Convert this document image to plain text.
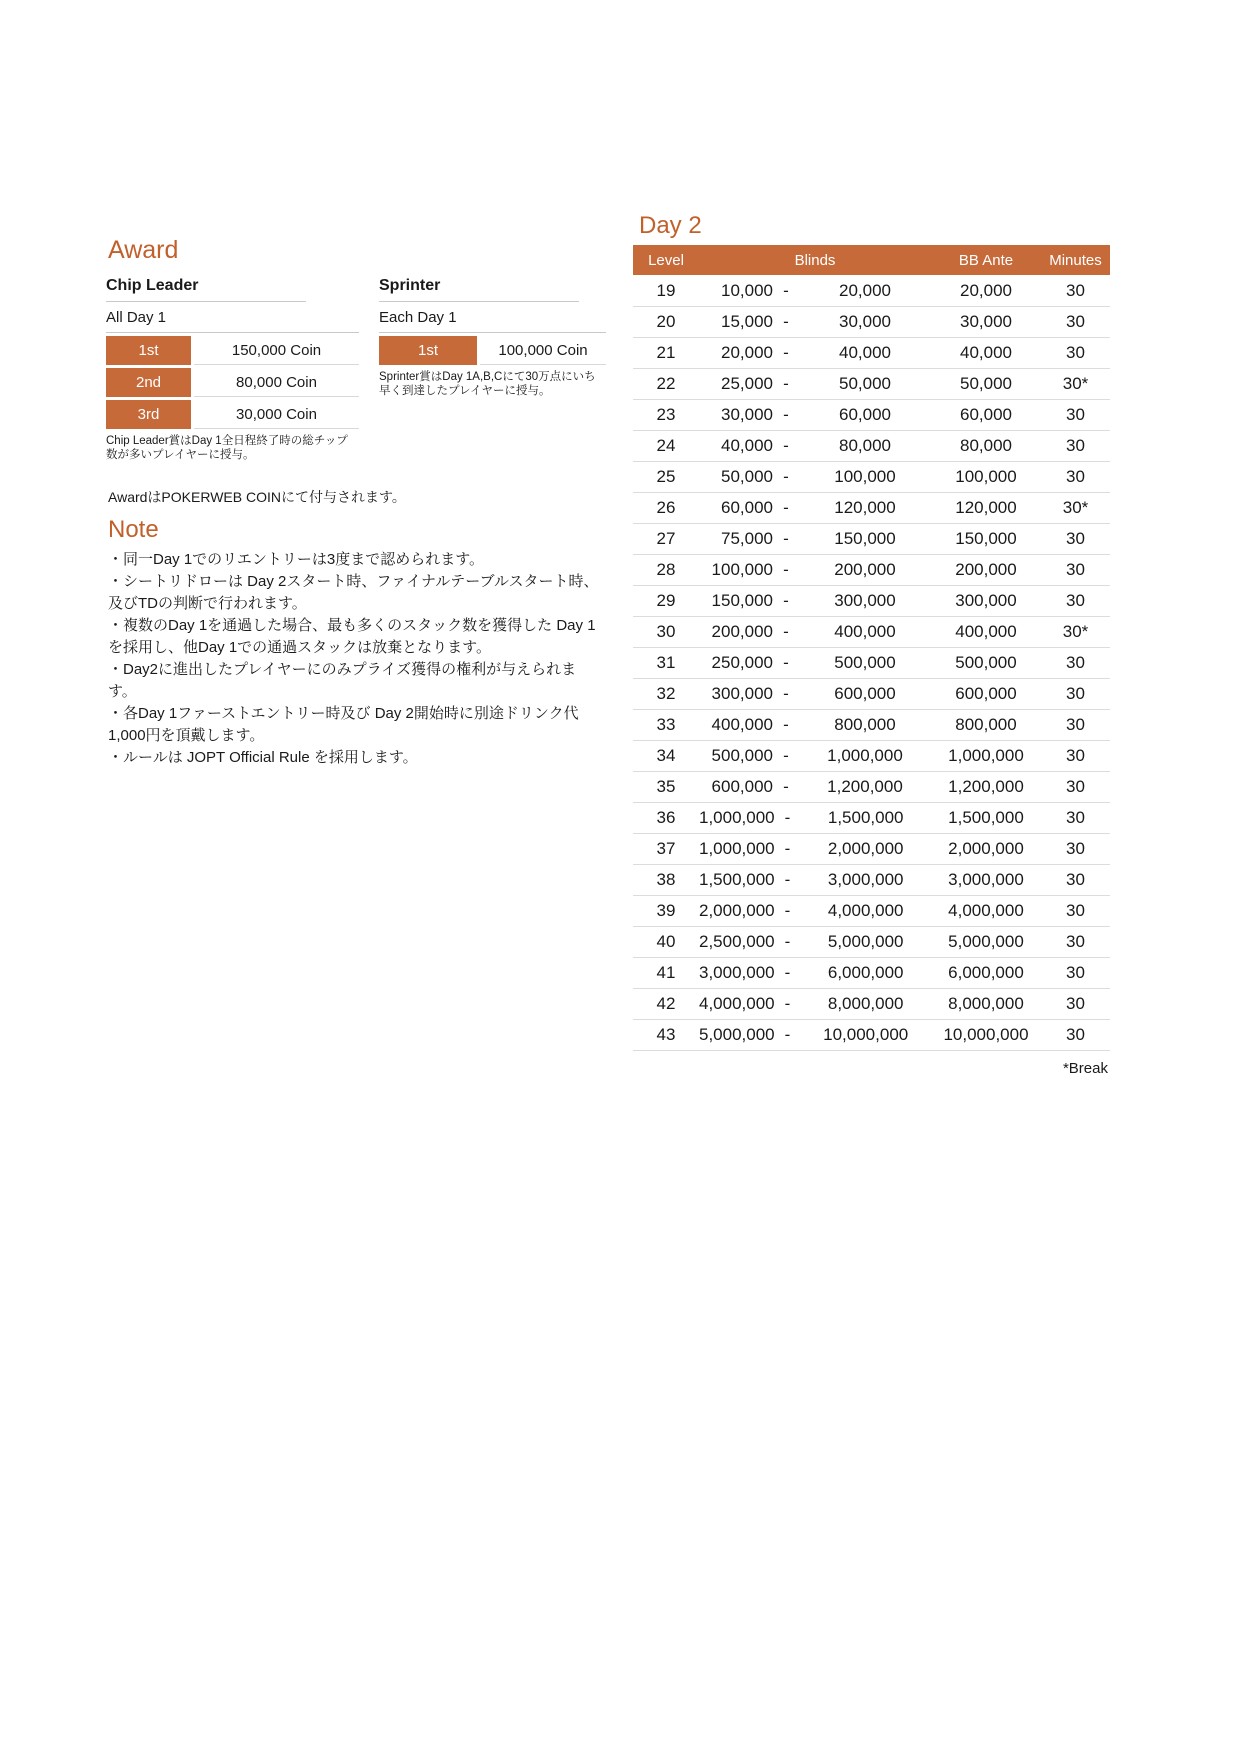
Award
Chip Leader
All Day 1
1st	150,000 Coin
2nd	80,000 Coin
3rd	30,000 Coin
Chip Leader賞はDay 1全日程終了時の総チップ数が多いプレイヤーに授与。
Sprinter
Each Day 1
1st	100,000 Coin
Sprinter賞はDay 1A,B,Cにて30万点にいち早く到達したプレイヤーに授与。
AwardはPOKERWEB COINにて付与されます。
Note
・同一Day 1でのリエントリーは3度まで認められます。
・シートリドローは Day 2スタート時、ファイナルテーブルスタート時、及びTDの判断で行われます。
・複数のDay 1を通過した場合、最も多くのスタック数を獲得した Day 1を採用し、他Day 1での通過スタックは放棄となります。
・Day2に進出したプレイヤーにのみプライズ獲得の権利が与えられます。
・各Day 1ファーストエントリー時及び Day 2開始時に別途ドリンク代 1,000円を頂戴します。
・ルールは JOPT Official Rule を採用します。
Day 2
Level	Blinds	BB Ante	Minutes
19	10,000 -	20,000	20,000	30
20	15,000 -	30,000	30,000	30
21	20,000 -	40,000	40,000	30
22	25,000 -	50,000	50,000	30*
23	30,000 -	60,000	60,000	30
24	40,000 -	80,000	80,000	30
25	50,000 -	100,000	100,000	30
26	60,000 -	120,000	120,000	30*
27	75,000 -	150,000	150,000	30
28	100,000 -	200,000	200,000	30
29	150,000 -	300,000	300,000	30
30	200,000 -	400,000	400,000	30*
31	250,000 -	500,000	500,000	30
32	300,000 -	600,000	600,000	30
33	400,000 -	800,000	800,000	30
34	500,000 -	1,000,000	1,000,000	30
35	600,000 -	1,200,000	1,200,000	30
36	1,000,000 -	1,500,000	1,500,000	30
37	1,000,000 -	2,000,000	2,000,000	30
38	1,500,000 -	3,000,000	3,000,000	30
39	2,000,000 -	4,000,000	4,000,000	30
40	2,500,000 -	5,000,000	5,000,000	30
41	3,000,000 -	6,000,000	6,000,000	30
42	4,000,000 -	8,000,000	8,000,000	30
43	5,000,000 -	10,000,000	10,000,000	30
*Break
